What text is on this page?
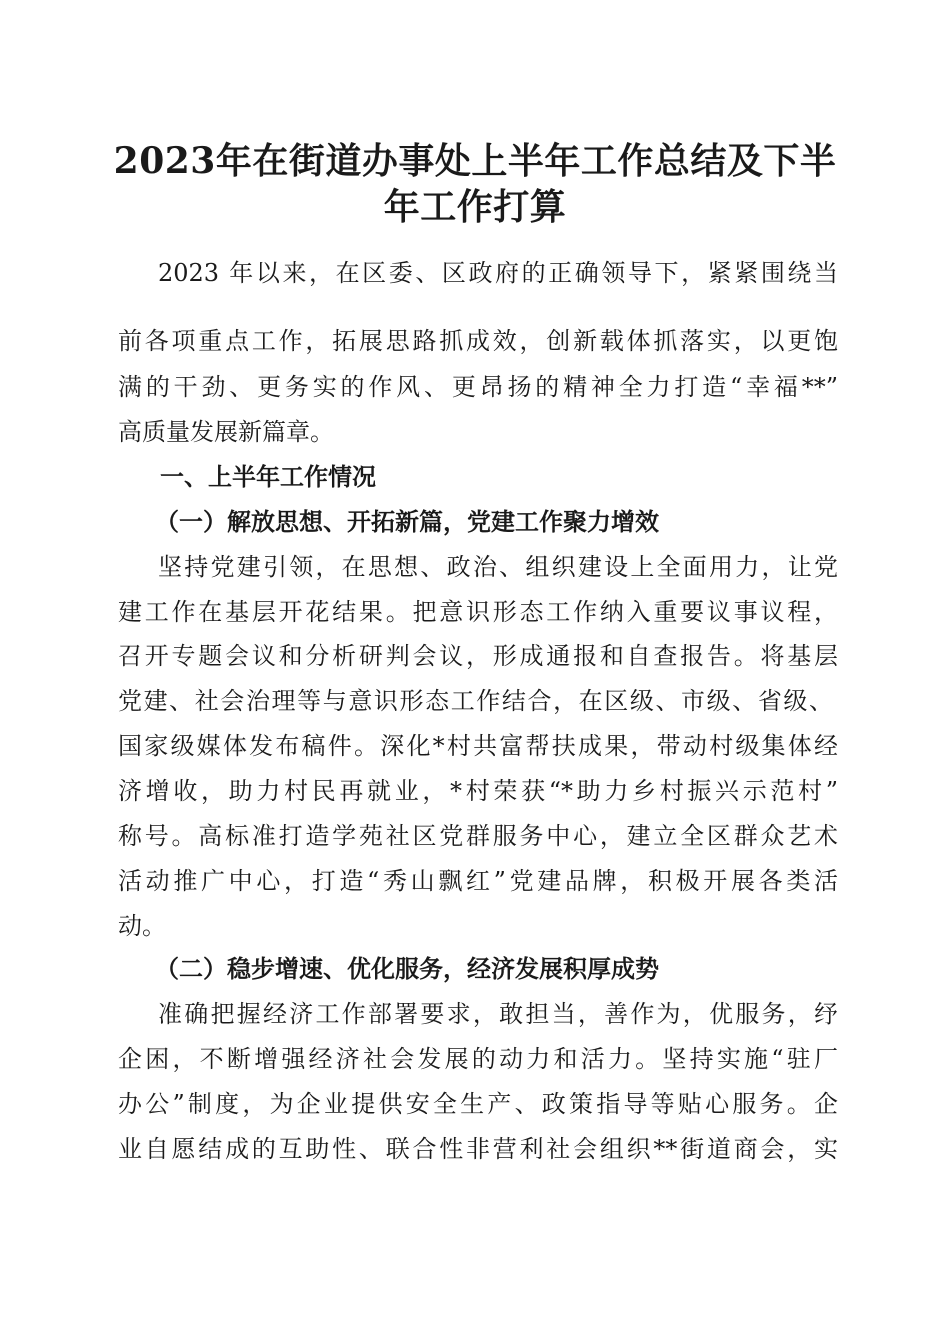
2023年在街道办事处上半年工作总结及下半
年工作打算

2023 年以来，在区委、区政府的正确领导下，紧紧围绕当

前各项重点工作，拓展思路抓成效，创新载体抓落实，以更饱

满的干劲、更务实的作风、更昂扬的精神全力打造“幸福**”

高质量发展新篇章。

一、上半年工作情况

（一）解放思想、开拓新篇，党建工作聚力增效

坚持党建引领，在思想、政治、组织建设上全面用力，让党

建工作在基层开花结果。把意识形态工作纳入重要议事议程，

召开专题会议和分析研判会议，形成通报和自查报告。将基层

党建、社会治理等与意识形态工作结合，在区级、市级、省级、

国家级媒体发布稿件。深化*村共富帮扶成果，带动村级集体经

济增收，助力村民再就业，*村荣获“*助力乡村振兴示范村”

称号。高标准打造学苑社区党群服务中心，建立全区群众艺术

活动推广中心，打造“秀山飘红”党建品牌，积极开展各类活

动。

（二）稳步增速、优化服务，经济发展积厚成势

准确把握经济工作部署要求，敢担当，善作为，优服务，纾

企困，不断增强经济社会发展的动力和活力。坚持实施“驻厂

办公”制度，为企业提供安全生产、政策指导等贴心服务。企

业自愿结成的互助性、联合性非营利社会组织**街道商会，实
